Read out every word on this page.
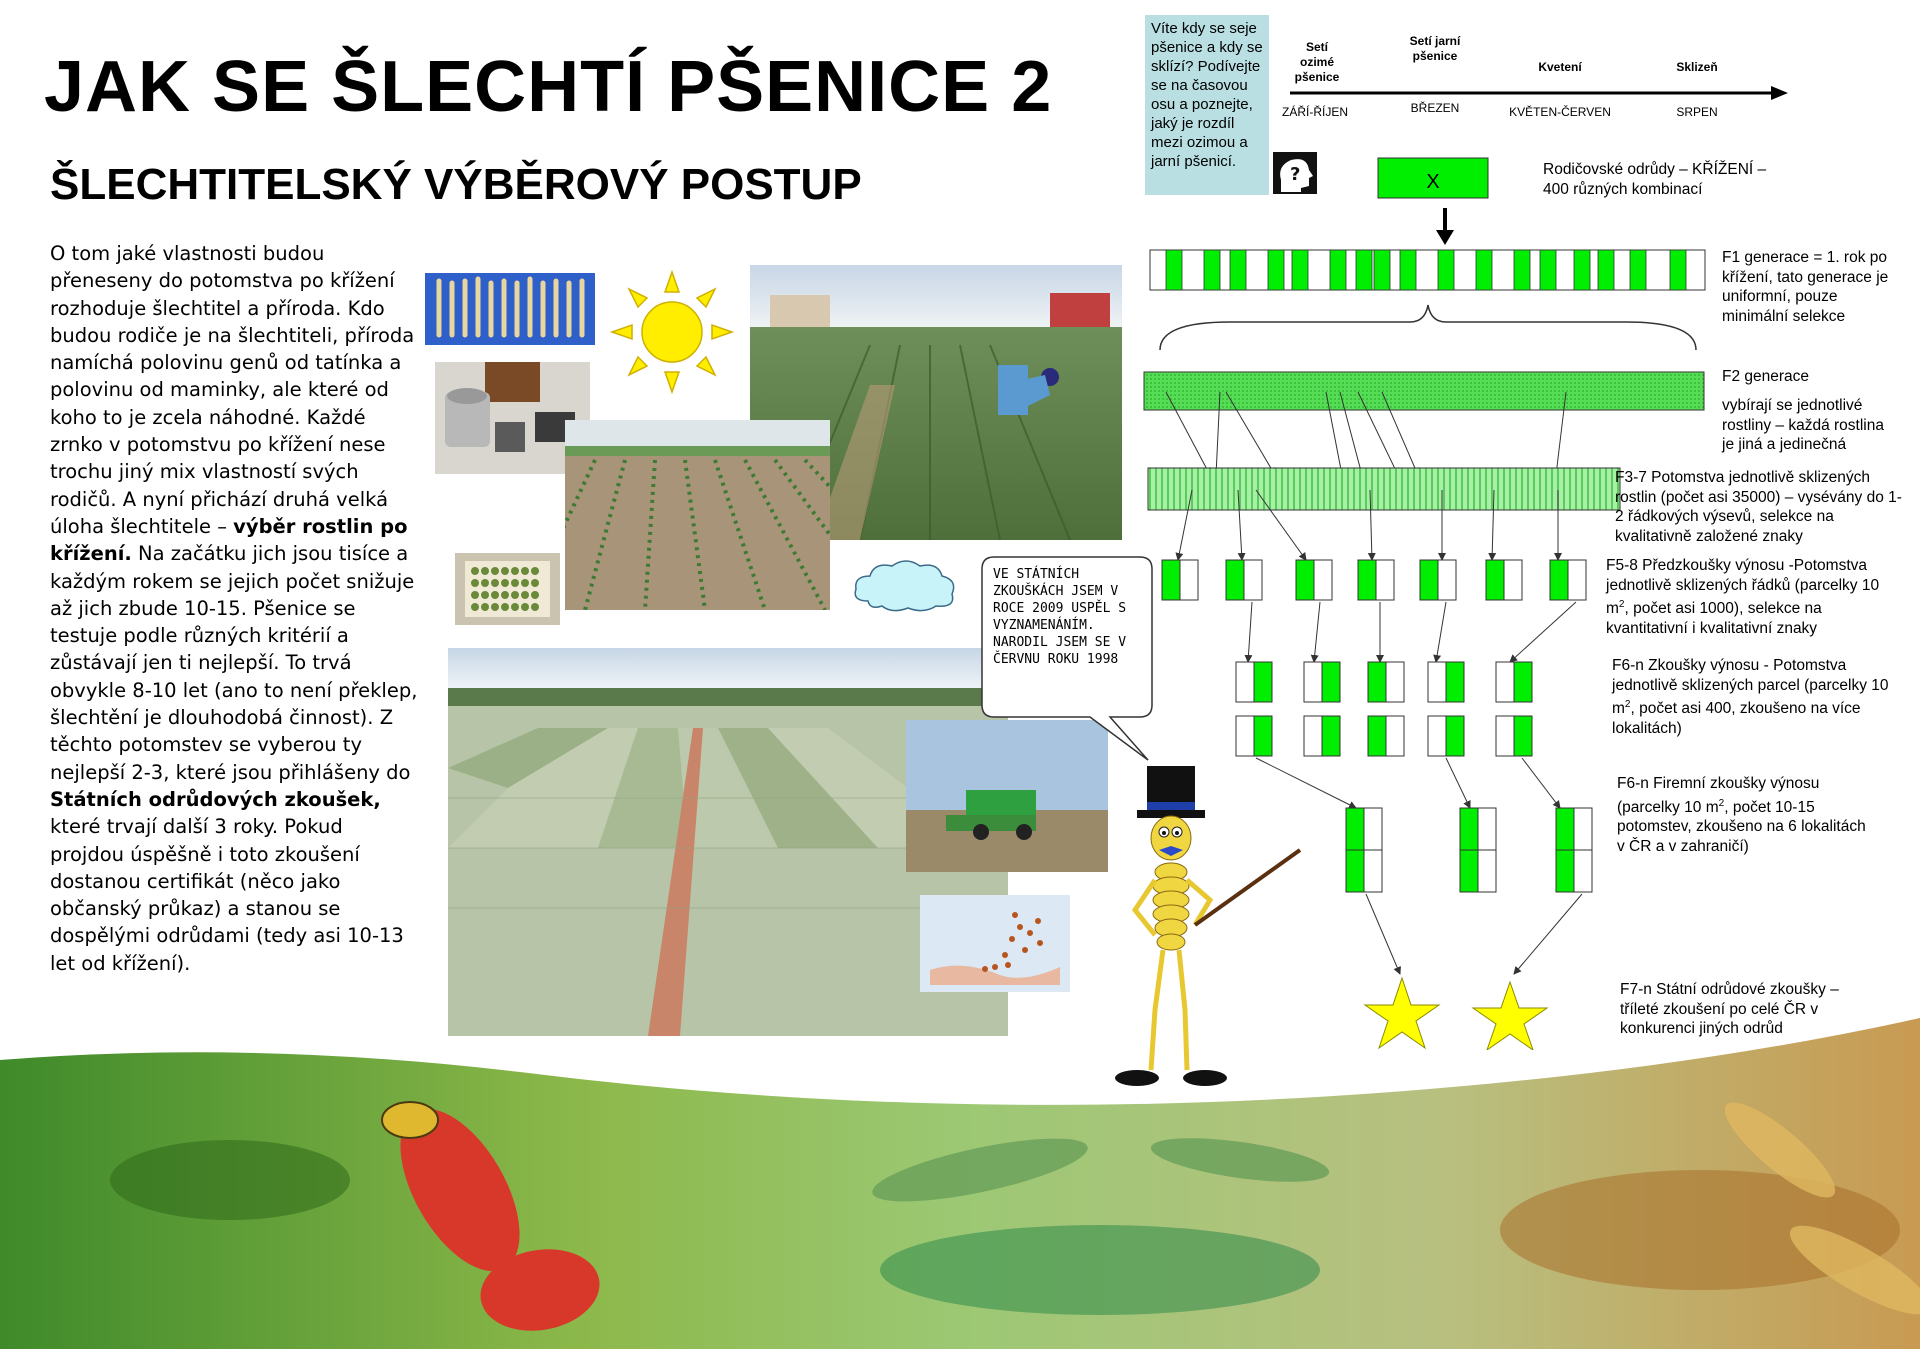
JAK SE ŠLECHTÍ PŠENICE 2
ŠLECHTITELSKÝ VÝBĚROVÝ POSTUP
O tom jaké vlastnosti budou přeneseny do potomstva po křížení rozhoduje šlechtitel a příroda. Kdo budou rodiče je na šlechtiteli, příroda namíchá polovinu genů od tatínka a polovinu od maminky, ale které od koho to je zcela náhodné. Každé zrnko v potomstvu po křížení nese trochu jiný mix vlastností svých rodičů. A nyní přichází druhá velká úloha šlechtitele – výběr rostlin po křížení. Na začátku jich jsou tisíce a každým rokem se jejich počet snižuje až jich zbude 10-15. Pšenice se testuje podle různých kritérií a zůstávají jen ti nejlepší. To trvá obvykle 8-10 let (ano to není překlep, šlechtění je dlouhodobá činnost). Z těchto potomstev se vyberou ty nejlepší 2-3, které jsou přihlášeny do Státních odrůdových zkoušek, které trvají další 3 roky. Pokud projdou úspěšně i toto zkoušení dostanou certifikát (něco jako občanský průkaz) a stanou se dospělými odrůdami (tedy asi 10-13 let od křížení).
VE STÁTNÍCH ZKOUŠKÁCH JSEM V ROCE 2009 USPĚL S VYZNAMENÁNÍM. NARODIL JSEM SE V ČERVNU ROKU 1998
Víte kdy se seje pšenice a kdy se sklízí? Podívejte se na časovou osu a poznejte, jaký je rozdíl mezi ozimou a jarní pšenicí.
?
Setí ozimé pšenice
Setí jarní pšenice
Kvetení	Sklizeň
ZÁŘÍ-ŘÍJEN	BŘEZEN	KVĚTEN-ČERVEN	SRPEN
X
Rodičovské odrůdy – KŘÍŽENÍ – 400 různých kombinací
F1 generace = 1. rok po křížení, tato generace je uniformní, pouze minimální selekce
F2 generace
vybírají se jednotlivé rostliny – každá rostlina je jiná a jedinečná
F3-7 Potomstva jednotlivě sklizených rostlin (počet asi 35000) – vysévány do 1-2 řádkových výsevů, selekce na kvalitativně založené znaky
F5-8 Předzkoušky výnosu -Potomstva jednotlivě sklizených řádků (parcelky 10 $m^2$, počet asi 1000), selekce na kvantitativní i kvalitativní znaky
F6-n Zkoušky výnosu - Potomstva jednotlivě sklizených parcel (parcelky 10 $m^2$, počet asi 400, zkoušeno na více lokalitách)
F6-n Firemní zkoušky výnosu (parcelky 10 $m^2$, počet 10-15 potomstev, zkoušeno na 6 lokalitách v ČR a v zahraničí)
F7-n Státní odrůdové zkoušky – tříleté zkoušení po celé ČR v konkurenci jiných odrůd
